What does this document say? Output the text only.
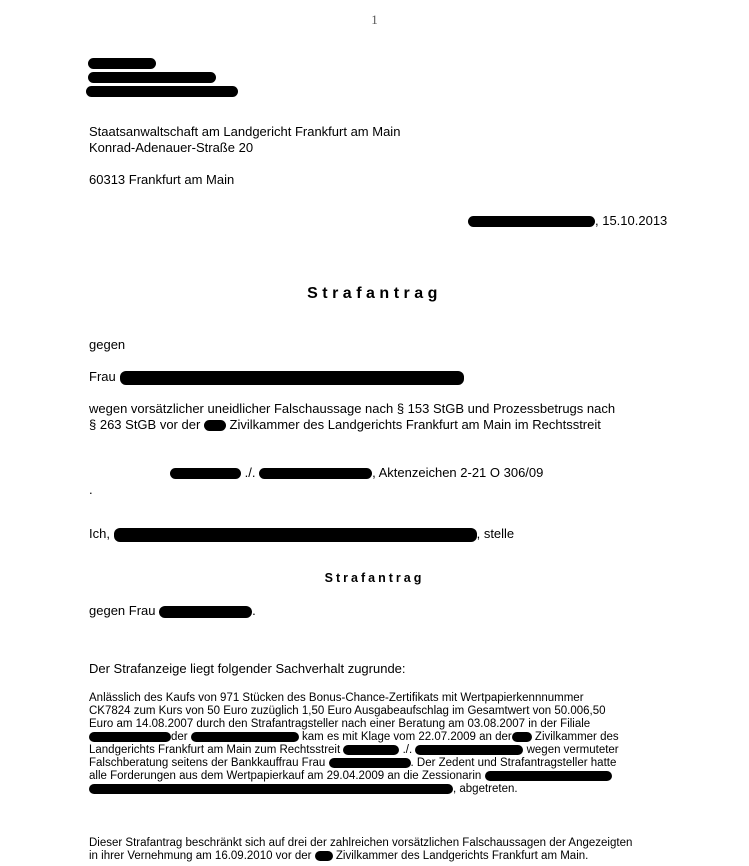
1
Staatsanwaltschaft am Landgericht Frankfurt am Main
Konrad-Adenauer-Straße 20
60313 Frankfurt am Main
, 15.10.2013
Strafantrag
gegen
Frau
wegen vorsätzlicher uneidlicher Falschaussage nach § 153 StGB und Prozessbetrugs nach
§ 263 StGB vor der Zivilkammer des Landgerichts Frankfurt am Main im Rechtsstreit
./.	, Aktenzeichen 2-21 O 306/09
.
Ich,	, stelle
Strafantrag
gegen Frau	.
Der Strafanzeige liegt folgender Sachverhalt zugrunde:
Anlässlich des Kaufs von 971 Stücken des Bonus-Chance-Zertifikats mit Wertpapierkennnummer
CK7824 zum Kurs von 50 Euro zuzüglich 1,50 Euro Ausgabeaufschlag im Gesamtwert von 50.006,50
Euro am 14.08.2007 durch den Strafantragsteller nach einer Beratung am 03.08.2007 in der Filiale
der	kam es mit Klage vom 22.07.2009 an der Zivilkammer des
Landgerichts Frankfurt am Main zum Rechtsstreit	./.	wegen vermuteter
Falschberatung seitens der Bankkauffrau Frau	. Der Zedent und Strafantragsteller hatte
alle Forderungen aus dem Wertpapierkauf am 29.04.2009 an die Zessionarin
, abgetreten.
Dieser Strafantrag beschränkt sich auf drei der zahlreichen vorsätzlichen Falschaussagen der Angezeigten
in ihrer Vernehmung am 16.09.2010 vor der Zivilkammer des Landgerichts Frankfurt am Main.
